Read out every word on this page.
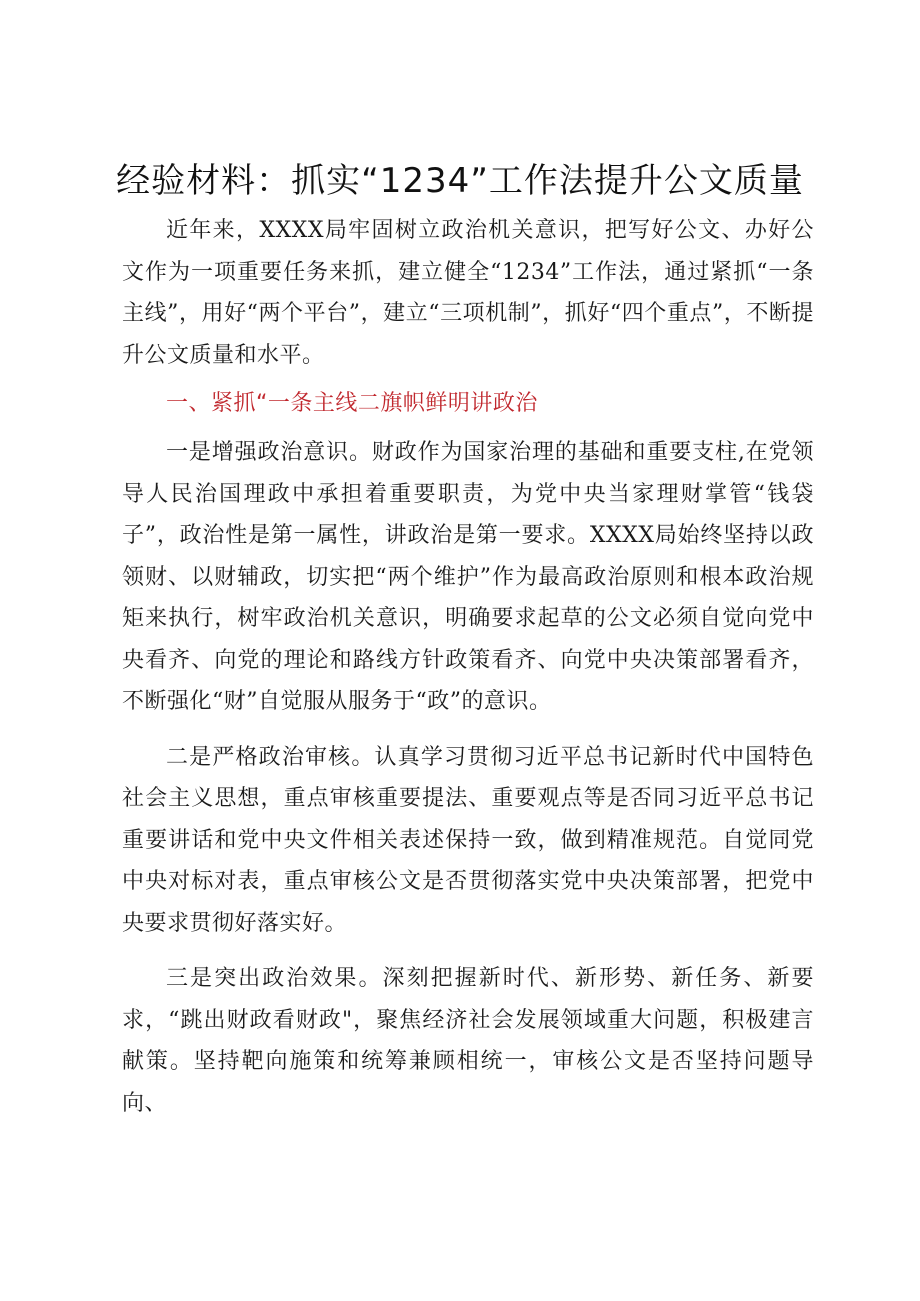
经验材料：抓实“1234”工作法提升公文质量

近年来，XXXX局牢固树立政治机关意识，把写好公文、办好公文作为一项重要任务来抓，建立健全“1234”工作法，通过紧抓“一条主线”，用好“两个平台”，建立“三项机制”，抓好“四个重点”，不断提升公文质量和水平。

一、紧抓“一条主线二旗帜鲜明讲政治

一是增强政治意识。财政作为国家治理的基础和重要支柱,在党领导人民治国理政中承担着重要职责，为党中央当家理财掌管“钱袋子”，政治性是第一属性，讲政治是第一要求。XXXX局始终坚持以政领财、以财辅政，切实把“两个维护”作为最高政治原则和根本政治规矩来执行，树牢政治机关意识，明确要求起草的公文必须自觉向党中央看齐、向党的理论和路线方针政策看齐、向党中央决策部署看齐，不断强化“财”自觉服从服务于“政”的意识。

二是严格政治审核。认真学习贯彻习近平总书记新时代中国特色社会主义思想，重点审核重要提法、重要观点等是否同习近平总书记重要讲话和党中央文件相关表述保持一致，做到精准规范。自觉同党中央对标对表，重点审核公文是否贯彻落实党中央决策部署，把党中央要求贯彻好落实好。

三是突出政治效果。深刻把握新时代、新形势、新任务、新要求，“跳出财政看财政"，聚焦经济社会发展领域重大问题，积极建言献策。坚持靶向施策和统筹兼顾相统一，审核公文是否坚持问题导向、
